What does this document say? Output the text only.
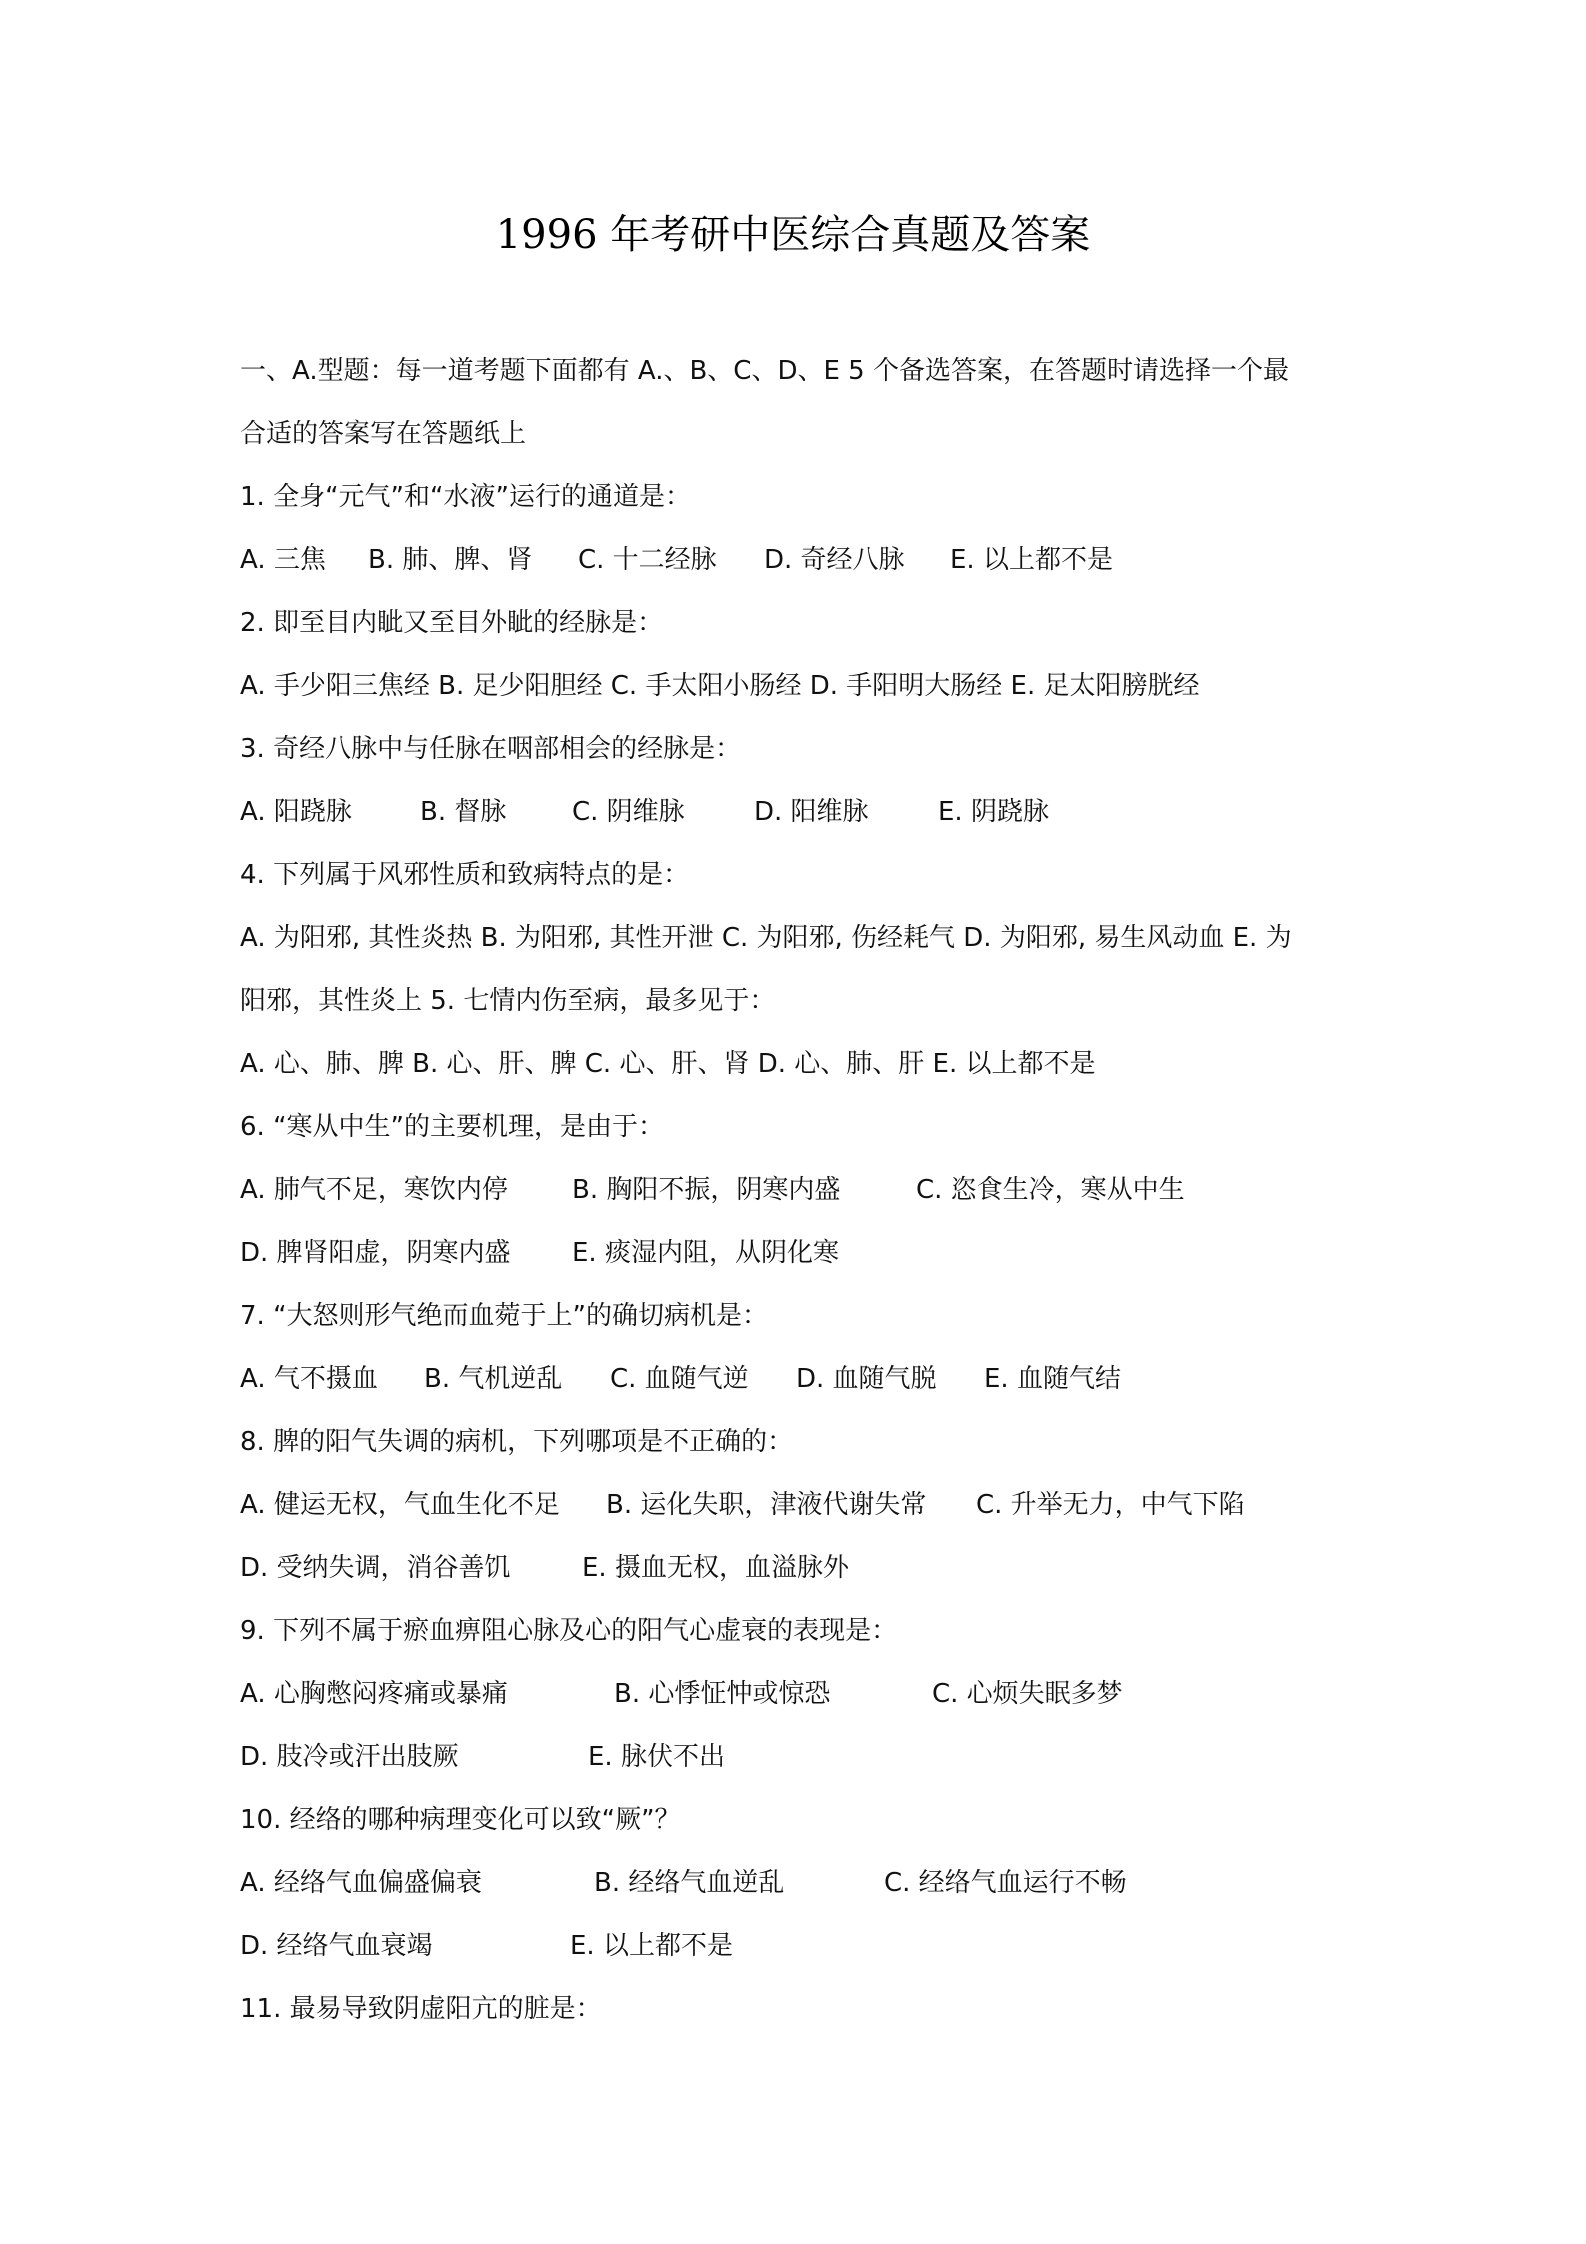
1996 年考研中医综合真题及答案
一、A.型题：每一道考题下面都有 A.、B、C、D、E 5 个备选答案，在答题时请选择一个最
合适的答案写在答题纸上
1. 全身“元气”和“水液”运行的通道是：
A. 三焦 B. 肺、脾、肾 C. 十二经脉 D. 奇经八脉 E. 以上都不是
2. 即至目内眦又至目外眦的经脉是：
A. 手少阳三焦经 B. 足少阳胆经 C. 手太阳小肠经 D. 手阳明大肠经 E. 足太阳膀胱经
3. 奇经八脉中与任脉在咽部相会的经脉是：
A. 阳跷脉	B. 督脉	C. 阴维脉	D. 阳维脉	E. 阴跷脉
4. 下列属于风邪性质和致病特点的是：
A. 为阳邪, 其性炎热 B. 为阳邪, 其性开泄 C. 为阳邪, 伤经耗气 D. 为阳邪, 易生风动血 E. 为
阳邪，其性炎上 5. 七情内伤至病，最多见于：
A. 心、肺、脾 B. 心、肝、脾 C. 心、肝、肾 D. 心、肺、肝 E. 以上都不是
6. “寒从中生”的主要机理，是由于：
A. 肺气不足，寒饮内停 B. 胸阳不振，阴寒内盛	C. 恣食生冷，寒从中生
D. 脾肾阳虚，阴寒内盛 E. 痰湿内阻，从阴化寒
7. “大怒则形气绝而血菀于上”的确切病机是：
A. 气不摄血 B. 气机逆乱 C. 血随气逆 D. 血随气脱 E. 血随气结
8. 脾的阳气失调的病机，下列哪项是不正确的：
A. 健运无权，气血生化不足 B. 运化失职，津液代谢失常 C. 升举无力，中气下陷
D. 受纳失调，消谷善饥	E. 摄血无权，血溢脉外
9. 下列不属于瘀血痹阻心脉及心的阳气心虚衰的表现是：
A. 心胸憋闷疼痛或暴痛	B. 心悸怔忡或惊恐	C. 心烦失眠多梦
D. 肢冷或汗出肢厥	E. 脉伏不出
10. 经络的哪种病理变化可以致“厥”？
A. 经络气血偏盛偏衰	B. 经络气血逆乱	C. 经络气血运行不畅
D. 经络气血衰竭	E. 以上都不是
11. 最易导致阴虚阳亢的脏是：
